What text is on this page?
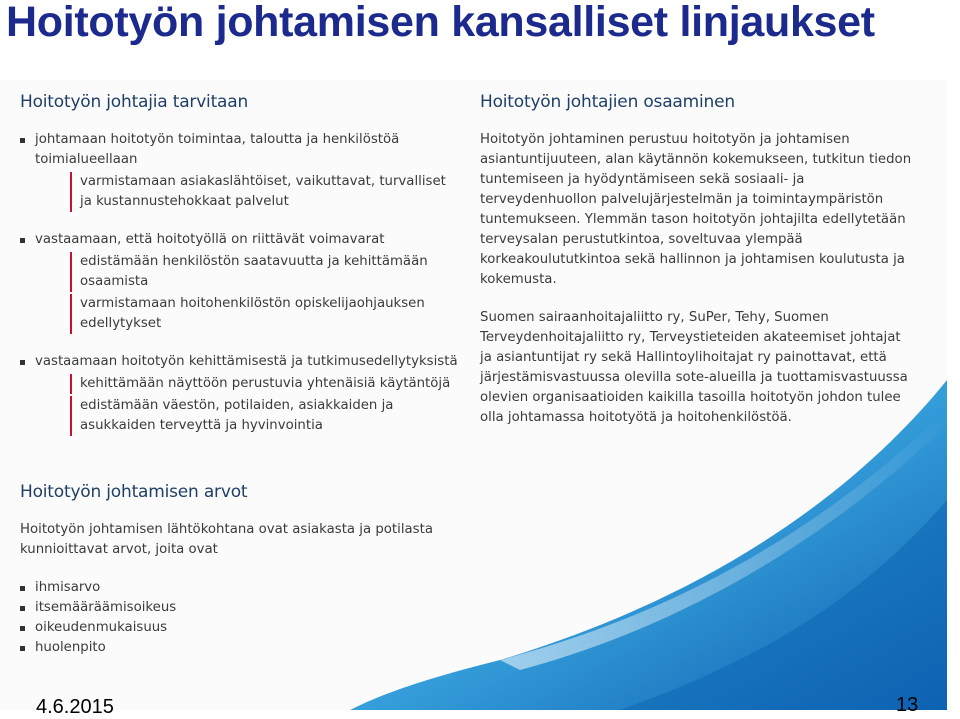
Hoitotyön johtamisen kansalliset linjaukset
Hoitotyön johtajia tarvitaan

johtamaan hoitotyön toimintaa, taloutta ja henkilöstöä toimialueellaan

varmistamaan asiakaslähtöiset, vaikuttavat, turvalliset ja kustannustehokkaat palvelut

vastaamaan, että hoitotyöllä on riittävät voimavarat

edistämään henkilöstön saatavuutta ja kehittämään osaamista
varmistamaan hoitohenkilöstön opiskelijaohjauksen edellytykset

vastaamaan hoitotyön kehittämisestä ja tutkimusedellytyksistä

kehittämään näyttöön perustuvia yhtenäisiä käytäntöjä
edistämään väestön, potilaiden, asiakkaiden ja asukkaiden terveyttä ja hyvinvointia
Hoitotyön johtamisen arvot

Hoitotyön johtamisen lähtökohtana ovat asiakasta ja potilasta kunnioittavat arvot, joita ovat

ihmisarvo

itsemääräämisoikeus

oikeudenmukaisuus

huolenpito

Hoitotyön johtajien osaaminen

Hoitotyön johtaminen perustuu hoitotyön ja johtamisen asiantuntijuuteen, alan käytännön kokemukseen, tutkitun tiedon tuntemiseen ja hyödyntämiseen sekä sosiaali- ja terveydenhuollon palvelujärjestelmän ja toimintaympäristön tuntemukseen. Ylemmän tason hoitotyön johtajilta edellytetään terveysalan perustutkintoa, soveltuvaa ylempää korkeakoulututkintoa sekä hallinnon ja johtamisen koulutusta ja kokemusta.

Suomen sairaanhoitajaliitto ry, SuPer, Tehy, Suomen Terveydenhoitajaliitto ry, Terveystieteiden akateemiset johtajat ja asiantuntijat ry sekä Hallintoylihoitajat ry painottavat, että järjestämisvastuussa olevilla sote-alueilla ja tuottamisvastuussa olevien organisaatioiden kaikilla tasoilla hoitotyön johdon tulee olla johtamassa hoitotyötä ja hoitohenkilöstöä.

4.6.2015	13
